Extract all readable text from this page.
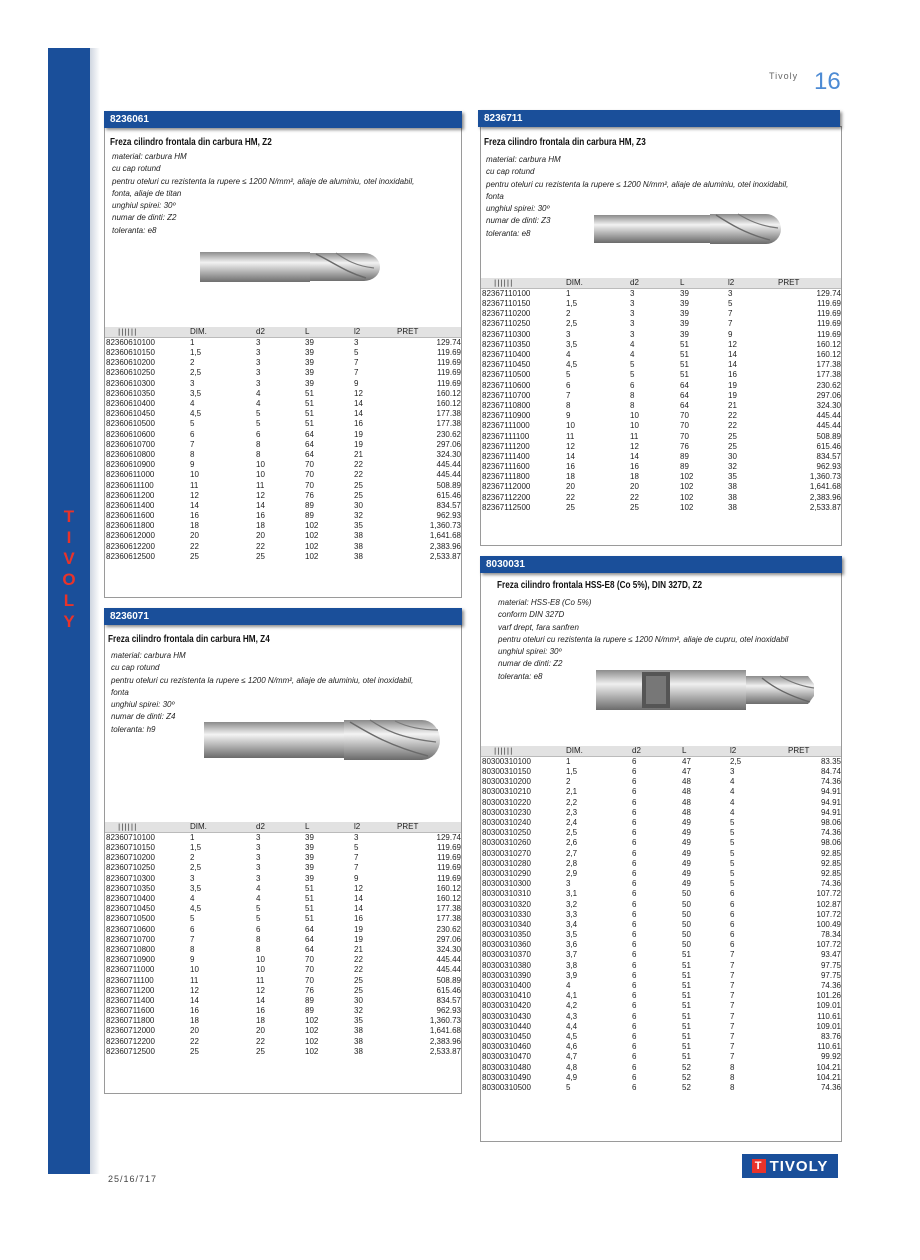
T
I
V
O
L
Y
Tivoly 16
8236061
Freza cilindro frontala din carbura HM, Z2
material: carbura HM
cu cap rotund
pentru oteluri cu rezistenta la rupere ≤ 1200 N/mm², aliaje de aluminiu, otel inoxidabil,
fonta, aliaje de titan
unghiul spirei: 30º
numar de dinti: Z2
toleranta: e8
||||||	DIM.	d2	L	l2	PRET
82360610100	1	3	39	3	129.74
82360610150	1,5	3	39	5	119.69
82360610200	2	3	39	7	119.69
82360610250	2,5	3	39	7	119.69
82360610300	3	3	39	9	119.69
82360610350	3,5	4	51	12	160.12
82360610400	4	4	51	14	160.12
82360610450	4,5	5	51	14	177.38
82360610500	5	5	51	16	177.38
82360610600	6	6	64	19	230.62
82360610700	7	8	64	19	297.06
82360610800	8	8	64	21	324.30
82360610900	9	10	70	22	445.44
82360611000	10	10	70	22	445.44
82360611100	11	11	70	25	508.89
82360611200	12	12	76	25	615.46
82360611400	14	14	89	30	834.57
82360611600	16	16	89	32	962.93
82360611800	18	18	102	35	1,360.73
82360612000	20	20	102	38	1,641.68
82360612200	22	22	102	38	2,383.96
82360612500	25	25	102	38	2,533.87
8236071
Freza cilindro frontala din carbura HM, Z4
material: carbura HM
cu cap rotund
pentru oteluri cu rezistenta la rupere ≤ 1200 N/mm², aliaje de aluminiu, otel inoxidabil,
fonta
unghiul spirei: 30º
numar de dinti: Z4
toleranta: h9
||||||	DIM.	d2	L	l2	PRET
82360710100	1	3	39	3	129.74
82360710150	1,5	3	39	5	119.69
82360710200	2	3	39	7	119.69
82360710250	2,5	3	39	7	119.69
82360710300	3	3	39	9	119.69
82360710350	3,5	4	51	12	160.12
82360710400	4	4	51	14	160.12
82360710450	4,5	5	51	14	177.38
82360710500	5	5	51	16	177.38
82360710600	6	6	64	19	230.62
82360710700	7	8	64	19	297.06
82360710800	8	8	64	21	324.30
82360710900	9	10	70	22	445.44
82360711000	10	10	70	22	445.44
82360711100	11	11	70	25	508.89
82360711200	12	12	76	25	615.46
82360711400	14	14	89	30	834.57
82360711600	16	16	89	32	962.93
82360711800	18	18	102	35	1,360.73
82360712000	20	20	102	38	1,641.68
82360712200	22	22	102	38	2,383.96
82360712500	25	25	102	38	2,533.87
8236711
Freza cilindro frontala din carbura HM, Z3
material: carbura HM
cu cap rotund
pentru oteluri cu rezistenta la rupere ≤ 1200 N/mm², aliaje de aluminiu, otel inoxidabil,
fonta
unghiul spirei: 30º
numar de dinti: Z3
toleranta: e8
||||||	DIM.	d2	L	l2	PRET
82367110100	1	3	39	3	129.74
82367110150	1,5	3	39	5	119.69
82367110200	2	3	39	7	119.69
82367110250	2,5	3	39	7	119.69
82367110300	3	3	39	9	119.69
82367110350	3,5	4	51	12	160.12
82367110400	4	4	51	14	160.12
82367110450	4,5	5	51	14	177.38
82367110500	5	5	51	16	177.38
82367110600	6	6	64	19	230.62
82367110700	7	8	64	19	297.06
82367110800	8	8	64	21	324.30
82367110900	9	10	70	22	445.44
82367111000	10	10	70	22	445.44
82367111100	11	11	70	25	508.89
82367111200	12	12	76	25	615.46
82367111400	14	14	89	30	834.57
82367111600	16	16	89	32	962.93
82367111800	18	18	102	35	1,360.73
82367112000	20	20	102	38	1,641.68
82367112200	22	22	102	38	2,383.96
82367112500	25	25	102	38	2,533.87
8030031
Freza cilindro frontala HSS-E8 (Co 5%), DIN 327D, Z2
material: HSS-E8 (Co 5%)
conform DIN 327D
varf drept, fara sanfren
pentru oteluri cu rezistenta la rupere ≤ 1200 N/mm², aliaje de cupru, otel inoxidabil
unghiul spirei: 30º
numar de dinti: Z2
toleranta: e8
||||||	DIM.	d2	L	l2	PRET
80300310100	1	6	47	2,5	83.35
80300310150	1,5	6	47	3	84.74
80300310200	2	6	48	4	74.36
80300310210	2,1	6	48	4	94.91
80300310220	2,2	6	48	4	94.91
80300310230	2,3	6	48	4	94.91
80300310240	2,4	6	49	5	98.06
80300310250	2,5	6	49	5	74.36
80300310260	2,6	6	49	5	98.06
80300310270	2,7	6	49	5	92.85
80300310280	2,8	6	49	5	92.85
80300310290	2,9	6	49	5	92.85
80300310300	3	6	49	5	74.36
80300310310	3,1	6	50	6	107.72
80300310320	3,2	6	50	6	102.87
80300310330	3,3	6	50	6	107.72
80300310340	3,4	6	50	6	100.49
80300310350	3,5	6	50	6	78.34
80300310360	3,6	6	50	6	107.72
80300310370	3,7	6	51	7	93.47
80300310380	3,8	6	51	7	97.75
80300310390	3,9	6	51	7	97.75
80300310400	4	6	51	7	74.36
80300310410	4,1	6	51	7	101.26
80300310420	4,2	6	51	7	109.01
80300310430	4,3	6	51	7	110.61
80300310440	4,4	6	51	7	109.01
80300310450	4,5	6	51	7	83.76
80300310460	4,6	6	51	7	110.61
80300310470	4,7	6	51	7	99.92
80300310480	4,8	6	52	8	104.21
80300310490	4,9	6	52	8	104.21
80300310500	5	6	52	8	74.36
25/16/717
T TIVOLY
